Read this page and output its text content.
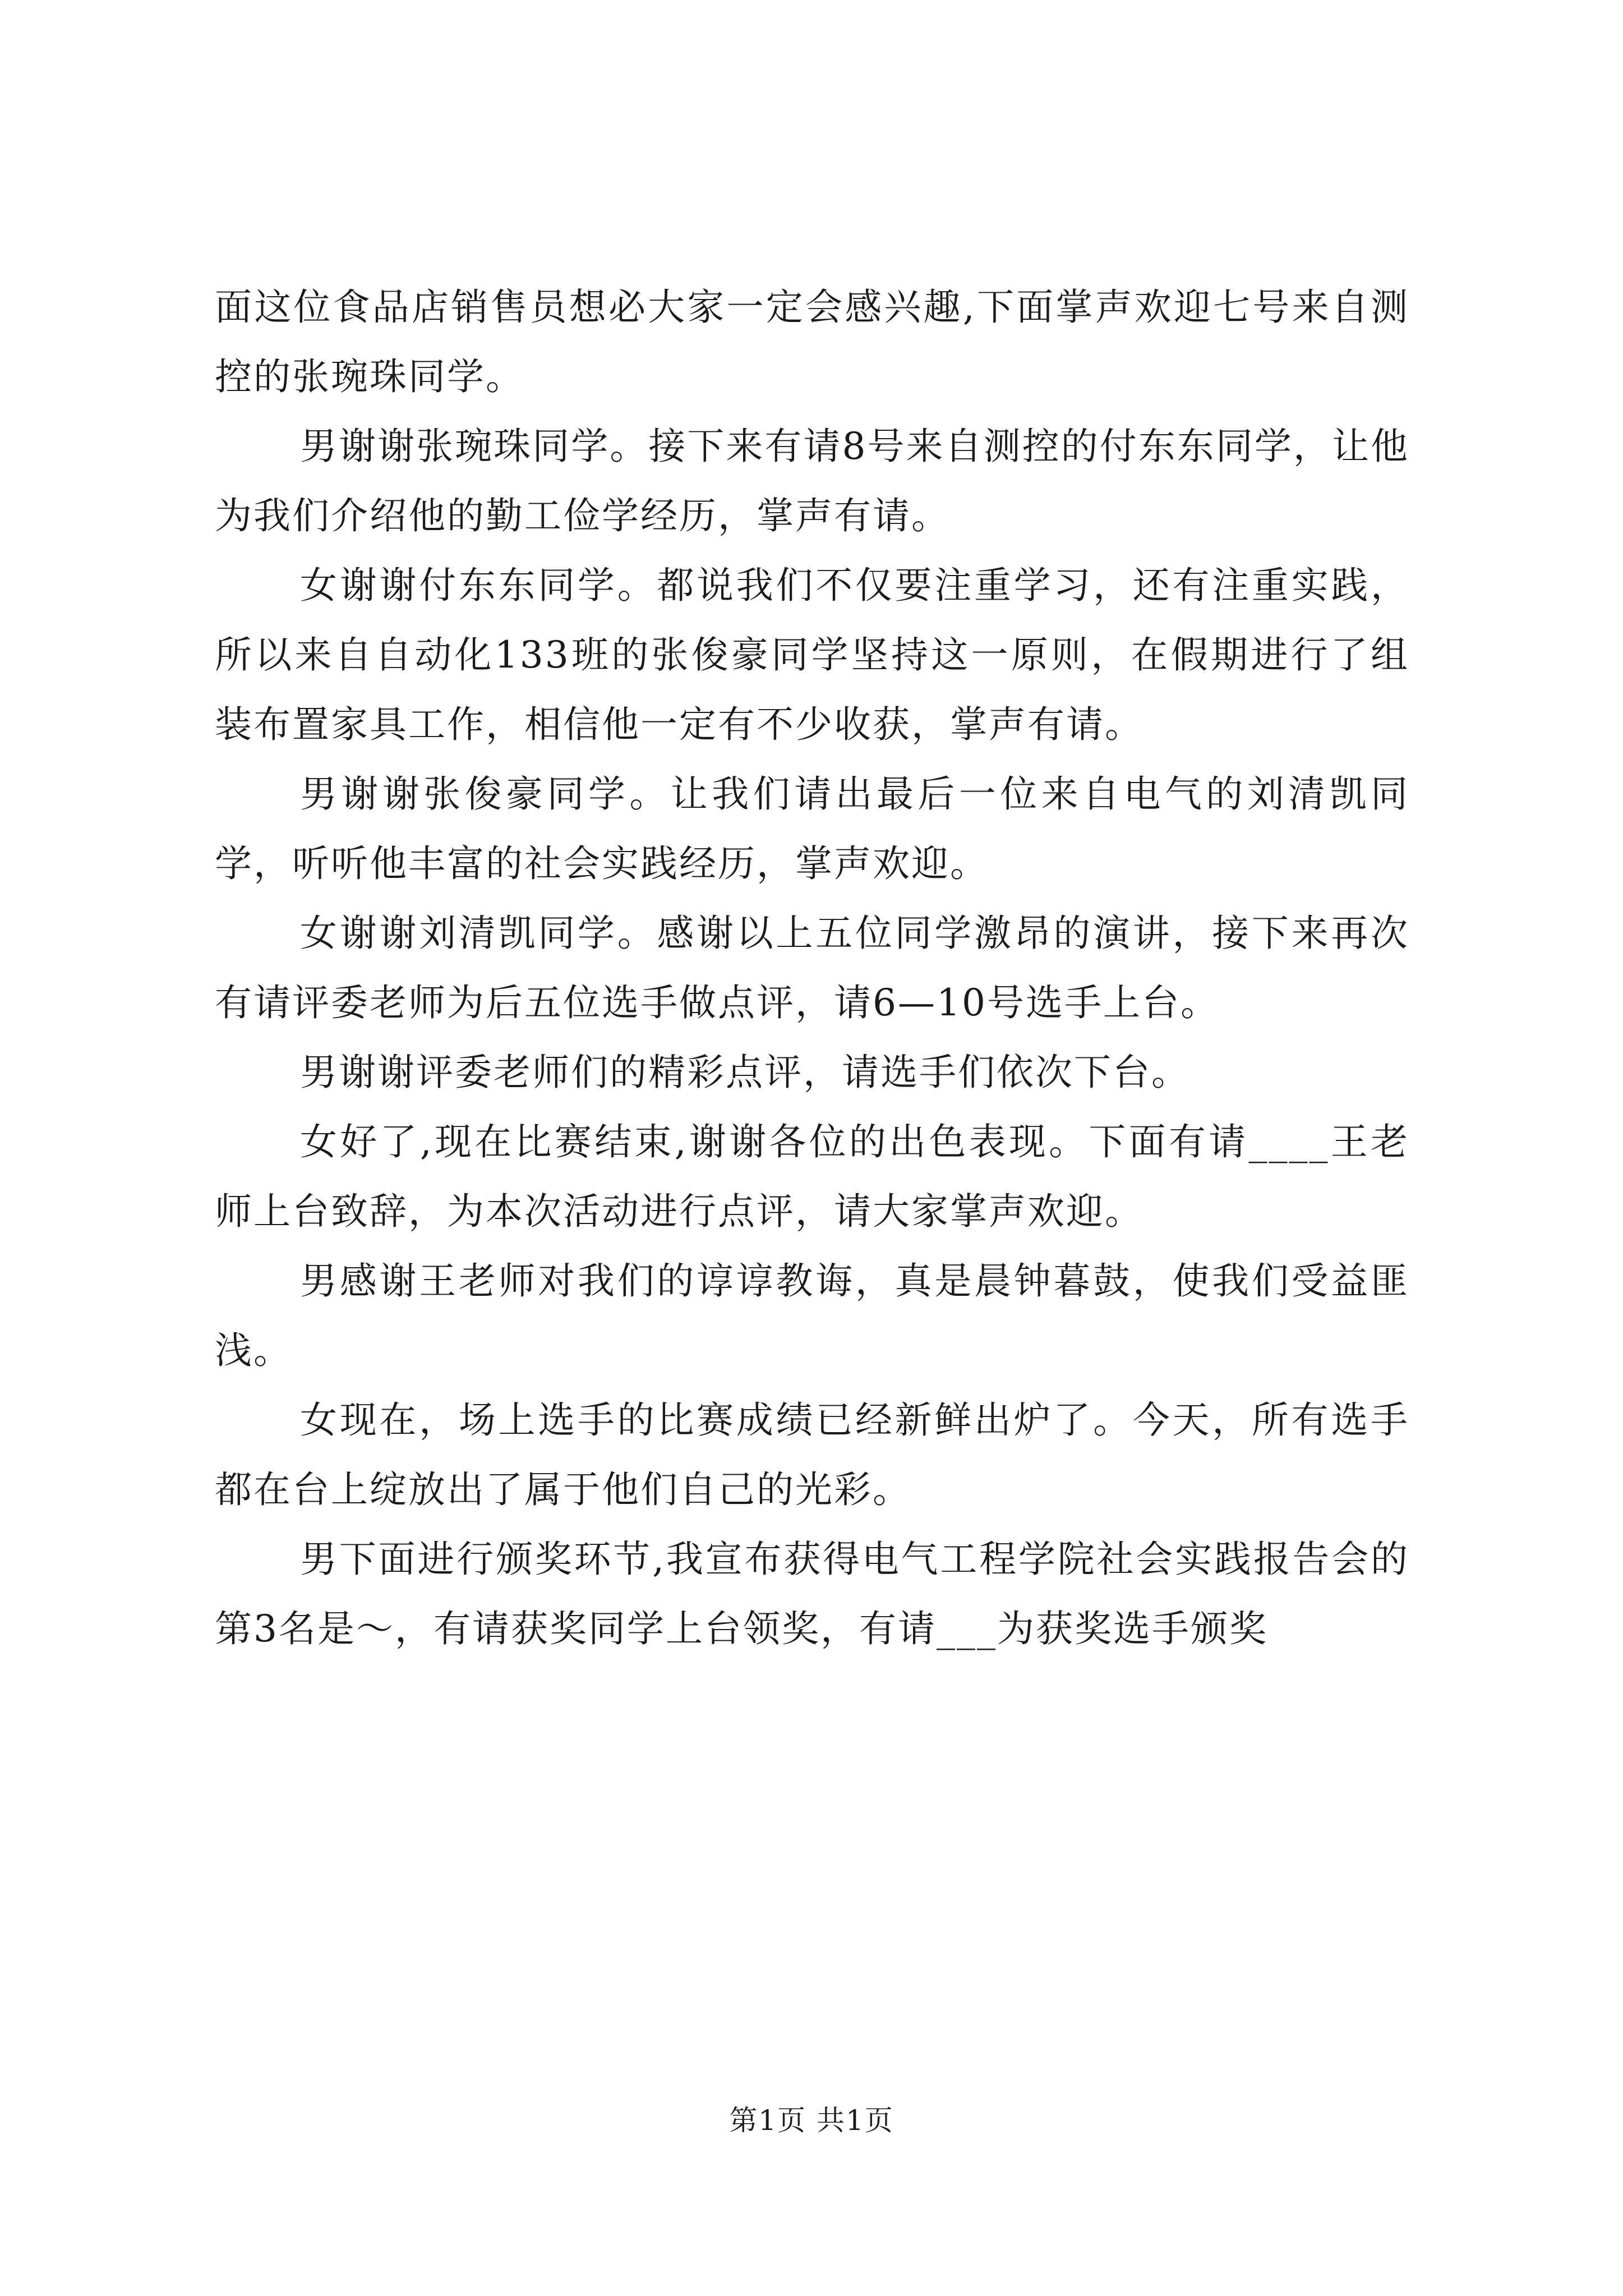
面这位食品店销售员想必大家一定会感兴趣,下面掌声欢迎七号来自测控的张琬珠同学。

男谢谢张琬珠同学。接下来有请8号来自测控的付东东同学，让他为我们介绍他的勤工俭学经历，掌声有请。

女谢谢付东东同学。都说我们不仅要注重学习，还有注重实践，所以来自自动化133班的张俊豪同学坚持这一原则，在假期进行了组装布置家具工作，相信他一定有不少收获，掌声有请。

男谢谢张俊豪同学。让我们请出最后一位来自电气的刘清凯同学，听听他丰富的社会实践经历，掌声欢迎。

女谢谢刘清凯同学。感谢以上五位同学激昂的演讲，接下来再次有请评委老师为后五位选手做点评，请6—10号选手上台。

男谢谢评委老师们的精彩点评，请选手们依次下台。

女好了,现在比赛结束,谢谢各位的出色表现。下面有请____王老师上台致辞，为本次活动进行点评，请大家掌声欢迎。

男感谢王老师对我们的谆谆教诲，真是晨钟暮鼓，使我们受益匪浅。

女现在，场上选手的比赛成绩已经新鲜出炉了。今天，所有选手都在台上绽放出了属于他们自己的光彩。

男下面进行颁奖环节,我宣布获得电气工程学院社会实践报告会的第3名是～，有请获奖同学上台领奖，有请___为获奖选手颁奖

第1页 共1页
